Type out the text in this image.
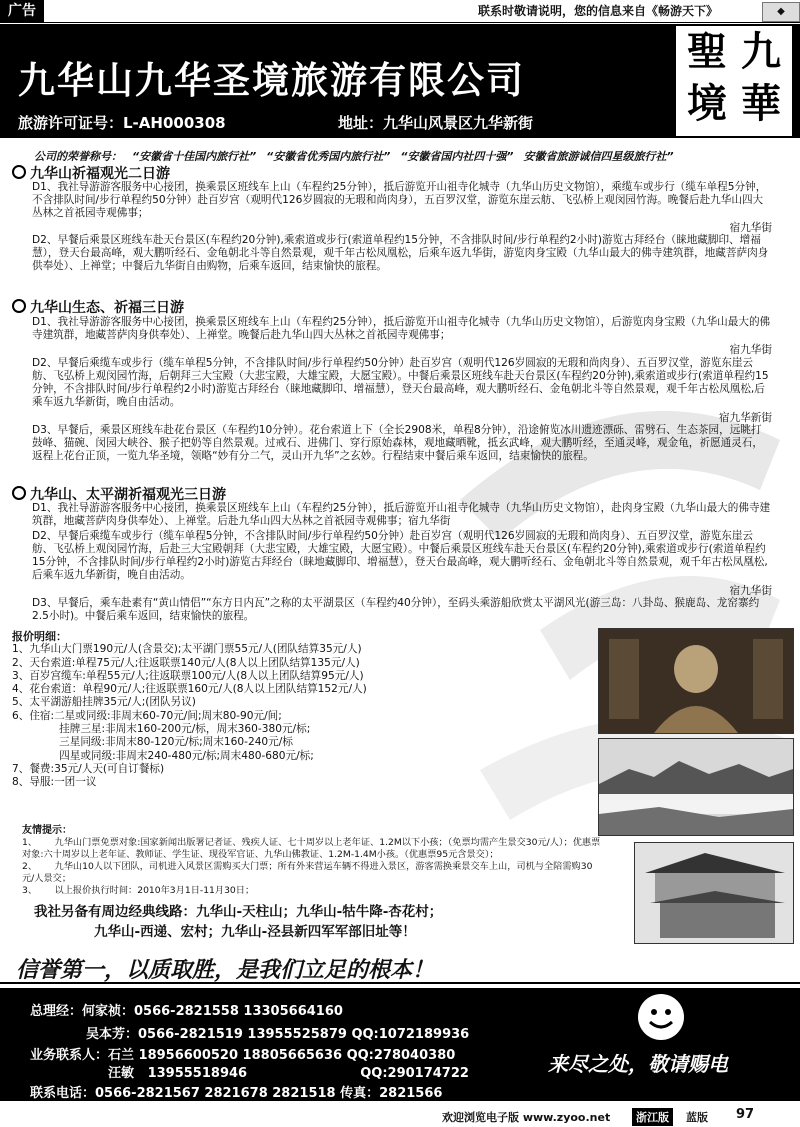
广告	联系时敬请说明，您的信息来自《畅游天下》	◆
九华山九华圣境旅游有限公司
旅游许可证号：L-AH000308	地址：九华山风景区九华新街
聖 九
境 華
公司的荣誉称号： “安徽省十佳国内旅行社” “安徽省优秀国内旅行社” “安徽省国内社四十强” 安徽省旅游诚信四星级旅行社”
九华山祈福观光二日游
D1、我社导游游客服务中心接团，换乘景区班线车上山（车程约25分钟），抵后游览开山祖寺化城寺（九华山历史文物馆），乘缆车或步行（缆车单程5分钟，不含排队时间/步行单程约50分钟）赴百岁宫（观明代126岁圆寂的无瑕和尚肉身），五百罗汉堂，游览东崖云舫、飞弘桥上观闵园竹海。晚餐后赴九华山四大丛林之首祇园寺观佛事；
宿九华街
D2、早餐后乘景区班线车赴天台景区(车程约20分钟),乘索道或步行(索道单程约15分钟，不含排队时间/步行单程约2小时)游览古拜经台（睐地藏脚印、增福慧），登天台最高峰，观大鹏听经石、金龟朝北斗等自然景观，观千年古松凤凰松，后乘车返九华街，游览肉身宝殿（九华山最大的佛寺建筑群，地藏菩萨肉身供奉处）、上禅堂；中餐后九华街自由购物，后乘车返回，结束愉快的旅程。
九华山生态、祈福三日游
D1、我社导游游客服务中心接团，换乘景区班线车上山（车程约25分钟），抵后游览开山祖寺化城寺（九华山历史文物馆），后游览肉身宝殿（九华山最大的佛寺建筑群，地藏菩萨肉身供奉处）、上禅堂。晚餐后赴九华山四大丛林之首祇园寺观佛事；
宿九华街
D2、早餐后乘缆车或步行（缆车单程5分钟，不含排队时间/步行单程约50分钟）赴百岁宫（观明代126岁圆寂的无瑕和尚肉身）、五百罗汉堂，游览东崖云舫、飞弘桥上观闵园竹海，后朝拜三大宝殿（大悲宝殿，大雄宝殿，大愿宝殿）。中餐后乘景区班线车赴天台景区(车程约20分钟),乘索道或步行(索道单程约15分钟，不含排队时间/步行单程约2小时)游览古拜经台（睐地藏脚印、增福慧），登天台最高峰，观大鹏听经石、金龟朝北斗等自然景观，观千年古松凤凰松,后乘车返九华新街，晚自由活动。
宿九华新街
D3、早餐后，乘景区班线车赴花台景区（车程约10分钟）。花台索道上下（全长2908米，单程8分钟），沿途俯览冰川遗迹漂砾、雷劈石、生态茶园，远眺打鼓峰、猫碗、闵园大峡谷、猴子把奶等自然景观。过戒石、进佛门、穿行原始森林，观地藏晒靴，抵玄武峰，观大鹏听经，至通灵峰，观金龟，祈愿通灵石，返程上花台正顶，一览九华圣境，领略“妙有分二气，灵山开九华”之玄妙。行程结束中餐后乘车返回，结束愉快的旅程。
九华山、太平湖祈福观光三日游
D1、我社导游游客服务中心接团，换乘景区班线车上山（车程约25分钟），抵后游览开山祖寺化城寺（九华山历史文物馆），赴肉身宝殿（九华山最大的佛寺建筑群，地藏菩萨肉身供奉处）、上禅堂。后赴九华山四大丛林之首祇园寺观佛事；宿九华街
D2、早餐后乘缆车或步行（缆车单程5分钟，不含排队时间/步行单程约50分钟）赴百岁宫（观明代126岁圆寂的无瑕和尚肉身）、五百罗汉堂，游览东崖云舫、飞弘桥上观闵园竹海，后赴三大宝殿朝拜（大悲宝殿，大雄宝殿，大愿宝殿）。中餐后乘景区班线车赴天台景区(车程约20分钟),乘索道或步行(索道单程约15分钟，不含排队时间/步行单程约2小时)游览古拜经台（睐地藏脚印、增福慧），登天台最高峰，观大鹏听经石、金龟朝北斗等自然景观，观千年古松凤凰松,后乘车返九华新街，晚自由活动。
宿九华街
D3、早餐后，乘车赴素有“黄山情侣”“东方日内瓦”之称的太平湖景区（车程约40分钟），至码头乘游船欣赏太平湖风光(游三岛：八卦岛、猴鹿岛、龙窑寨约2.5小时)。中餐后乘车返回，结束愉快的旅程。
报价明细：
1、九华山大门票190元/人(含景交);太平湖门票55元/人(团队结算35元/人)
2、天台索道:单程75元/人;往返联票140元/人(8人以上团队结算135元/人)
3、百岁宫缆车:单程55元/人;往返联票100元/人(8人以上团队结算95元/人)
4、花台索道：单程90元/人;往返联票160元/人(8人以上团队结算152元/人)
5、太平湖游船挂牌35元/人;(团队另议)
6、住宿:二星或同级:非周末60-70元/间;周末80-90元/间;
挂牌三星:非周末160-200元/标，周末360-380元/标;
三星同级:非周末80-120元/标;周末160-240元/标
四星或同级:非周末240-480元/标;周末480-680元/标;
7、餐费:35元/人天(可自订餐标)
8、导服:一团一议
友情提示：
1、      九华山门票免票对象:国家新闻出版署记者证、残疾人证、七十周岁以上老年证、1.2M以下小孩；（免票均需产生景交30元/人）；优惠票对象:六十周岁以上老年证、教师证、学生证、现役军官证、九华山佛教证、1.2M-1.4M小孩。（优惠票95元含景交）；
2、      九华山10人以下团队，司机进入风景区需购买大门票；所有外来营运车辆不得进入景区，游客需换乘景交车上山，司机与全陪需购30元/人景交；
3、      以上报价执行时间：2010年3月1日-11月30日；
我社另备有周边经典线路：九华山-天柱山；九华山-牯牛降-杏花村；
九华山-西递、宏村；九华山-泾县新四军军部旧址等！
信誉第一，以质取胜，是我们立足的根本！
总理经：何家祯：0566-2821558 13305664160
吴本芳：0566-2821519 13955525879 QQ:1072189936
业务联系人：石兰 18956600520 18805665636 QQ:278040380
汪敏   13955518946                         QQ:290174722
联系电话：0566-2821567 2821678 2821518 传真：2821566
来尽之处，敬请赐电
欢迎浏览电子版 www.zyoo.net	浙江版	蓝版 97
